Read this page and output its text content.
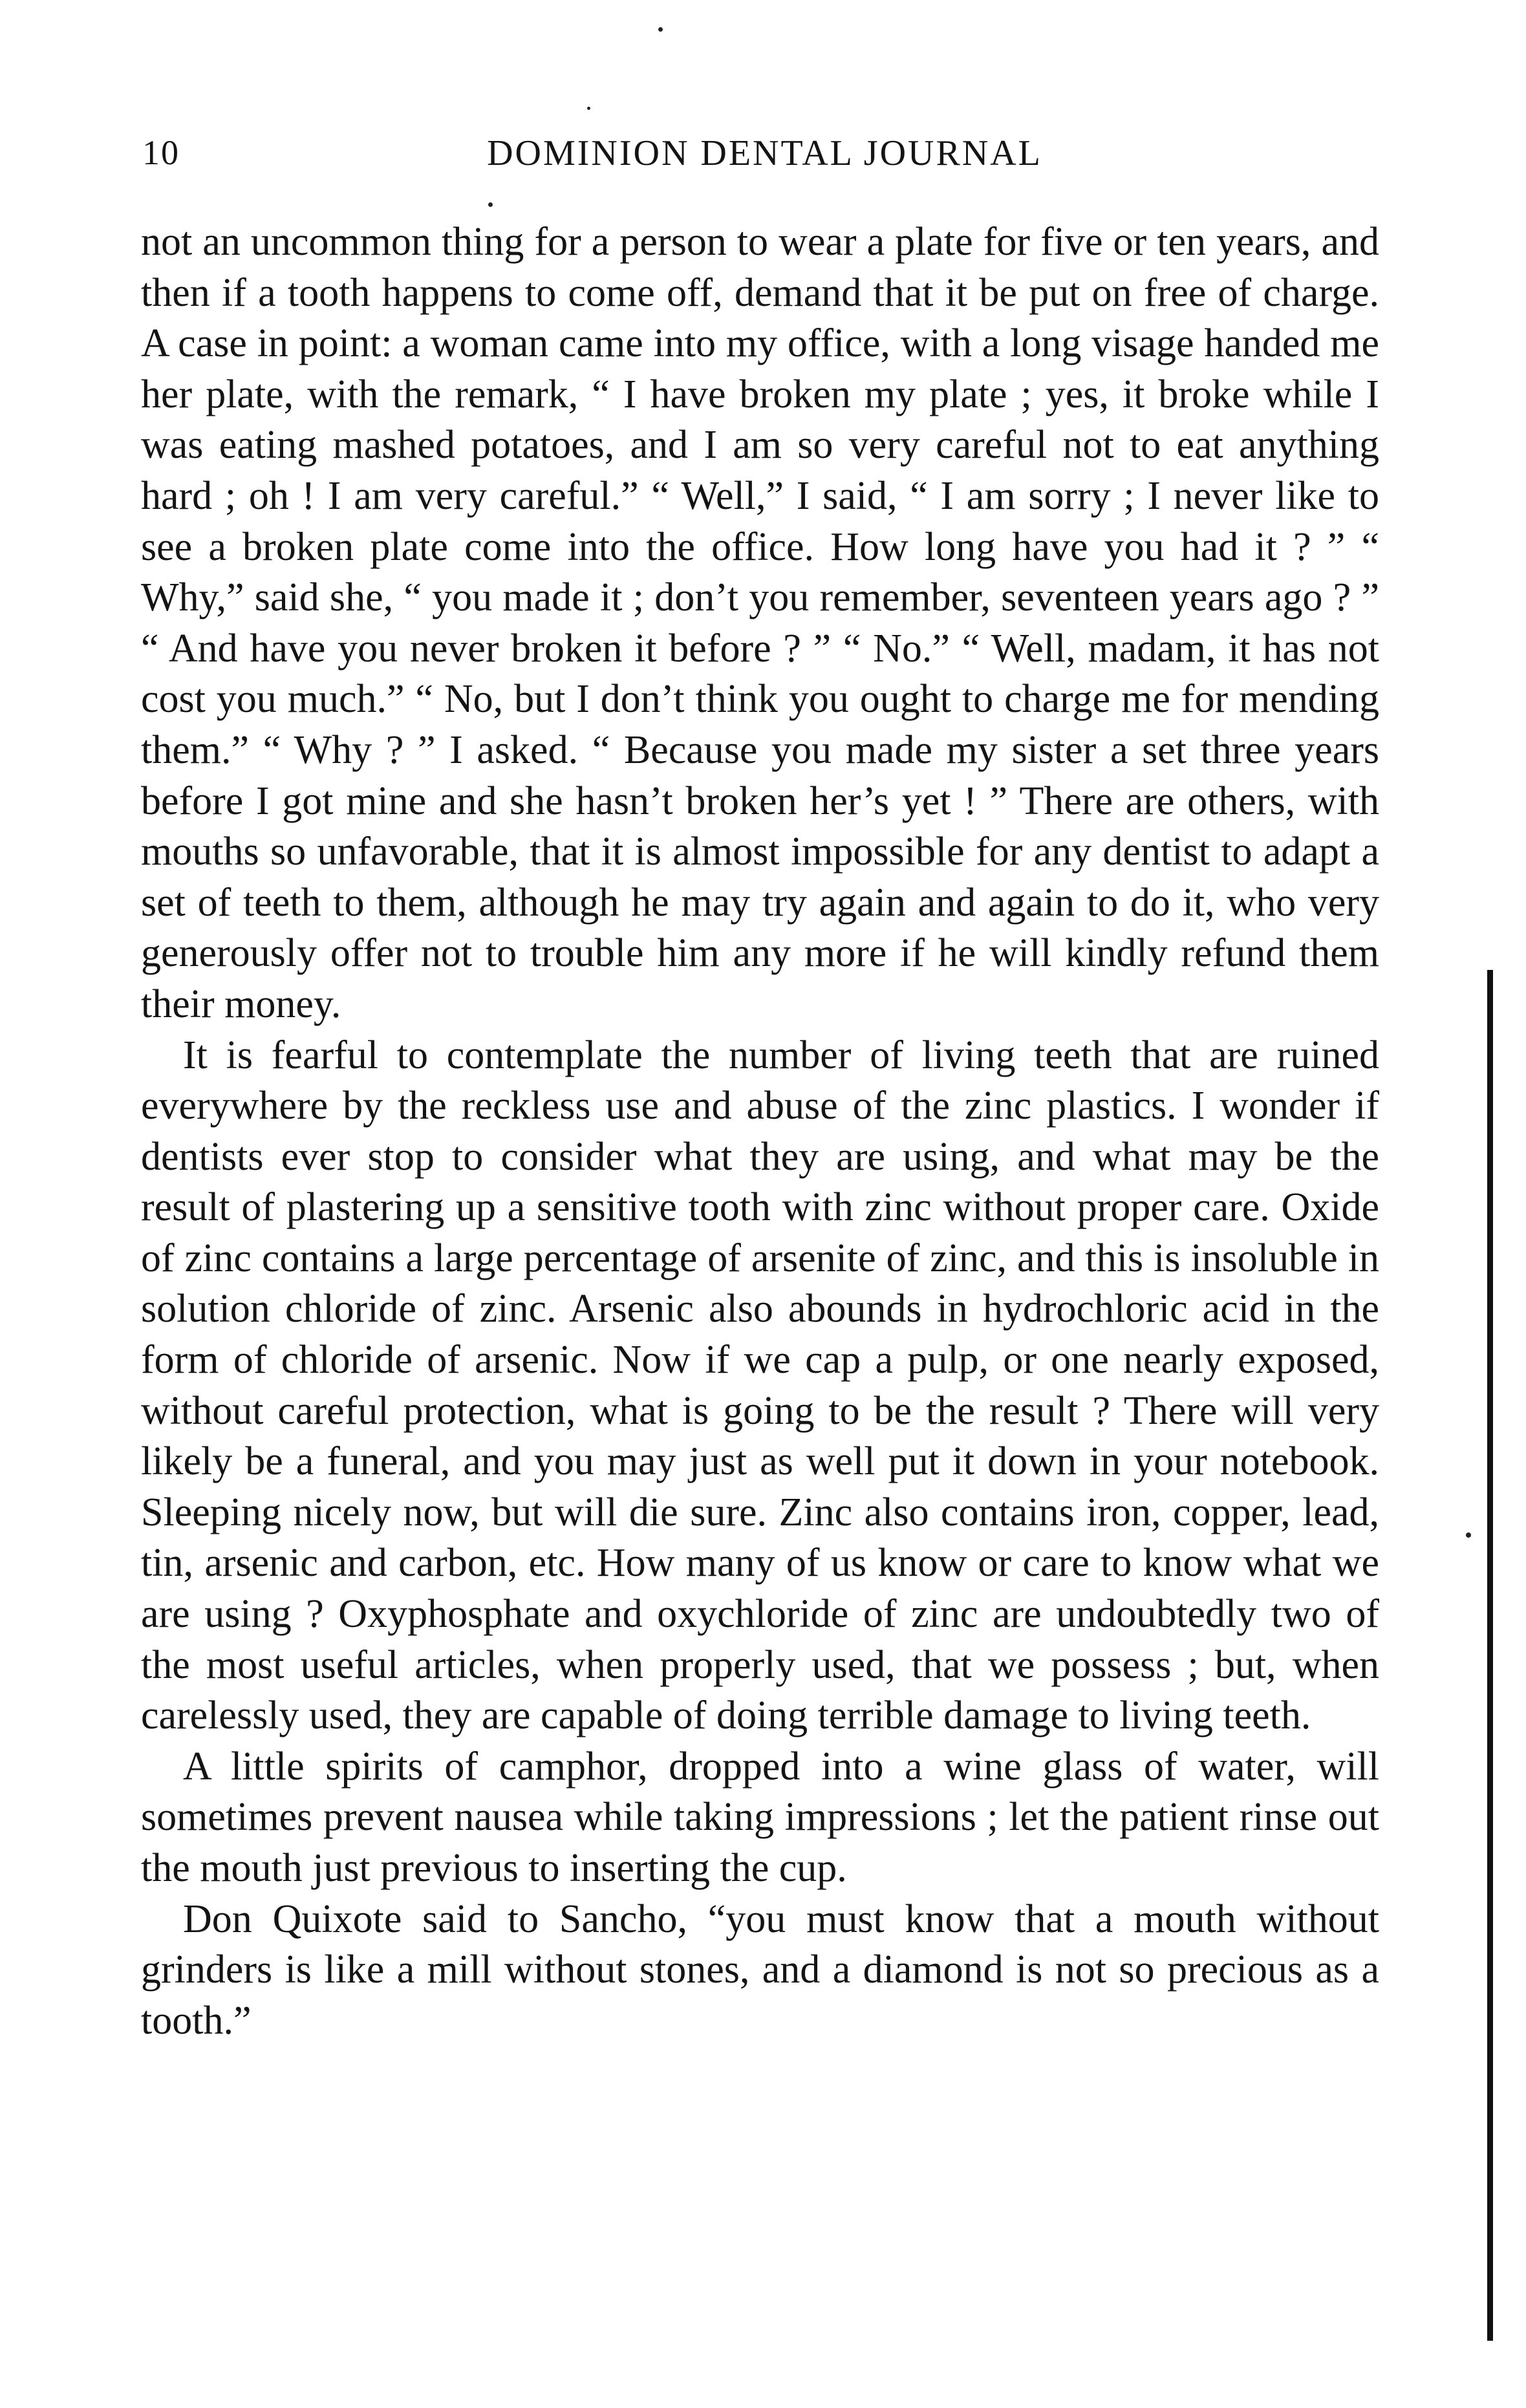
10	DOMINION DENTAL JOURNAL

not an uncommon thing for a person to wear a plate for five or ten years, and then if a tooth happens to come off, demand that it be put on free of charge. A case in point: a woman came into my office, with a long visage handed me her plate, with the remark, “ I have broken my plate ; yes, it broke while I was eating mashed potatoes, and I am so very careful not to eat anything hard ; oh ! I am very careful.” “ Well,” I said, “ I am sorry ; I never like to see a broken plate come into the office. How long have you had it ? ” “ Why,” said she, “ you made it ; don’t you remember, seventeen years ago ? ” “ And have you never broken it before ? ” “ No.” “ Well, madam, it has not cost you much.” “ No, but I don’t think you ought to charge me for mending them.” “ Why ? ” I asked. “ Because you made my sister a set three years before I got mine and she hasn’t broken her’s yet ! ” There are others, with mouths so unfavorable, that it is almost impossible for any dentist to adapt a set of teeth to them, although he may try again and again to do it, who very generously offer not to trouble him any more if he will kindly refund them their money.

It is fearful to contemplate the number of living teeth that are ruined everywhere by the reckless use and abuse of the zinc plastics. I wonder if dentists ever stop to consider what they are using, and what may be the result of plastering up a sensitive tooth with zinc without proper care. Oxide of zinc contains a large percentage of arsenite of zinc, and this is insoluble in solution chloride of zinc. Arsenic also abounds in hydrochloric acid in the form of chloride of arsenic. Now if we cap a pulp, or one nearly exposed, without careful protection, what is going to be the result ? There will very likely be a funeral, and you may just as well put it down in your notebook. Sleeping nicely now, but will die sure. Zinc also contains iron, copper, lead, tin, arsenic and carbon, etc. How many of us know or care to know what we are using ? Oxyphosphate and oxychloride of zinc are undoubtedly two of the most useful articles, when properly used, that we possess ; but, when carelessly used, they are capable of doing terrible damage to living teeth.

A little spirits of camphor, dropped into a wine glass of water, will sometimes prevent nausea while taking impressions ; let the patient rinse out the mouth just previous to inserting the cup.

Don Quixote said to Sancho, “you must know that a mouth without grinders is like a mill without stones, and a diamond is not so precious as a tooth.”
